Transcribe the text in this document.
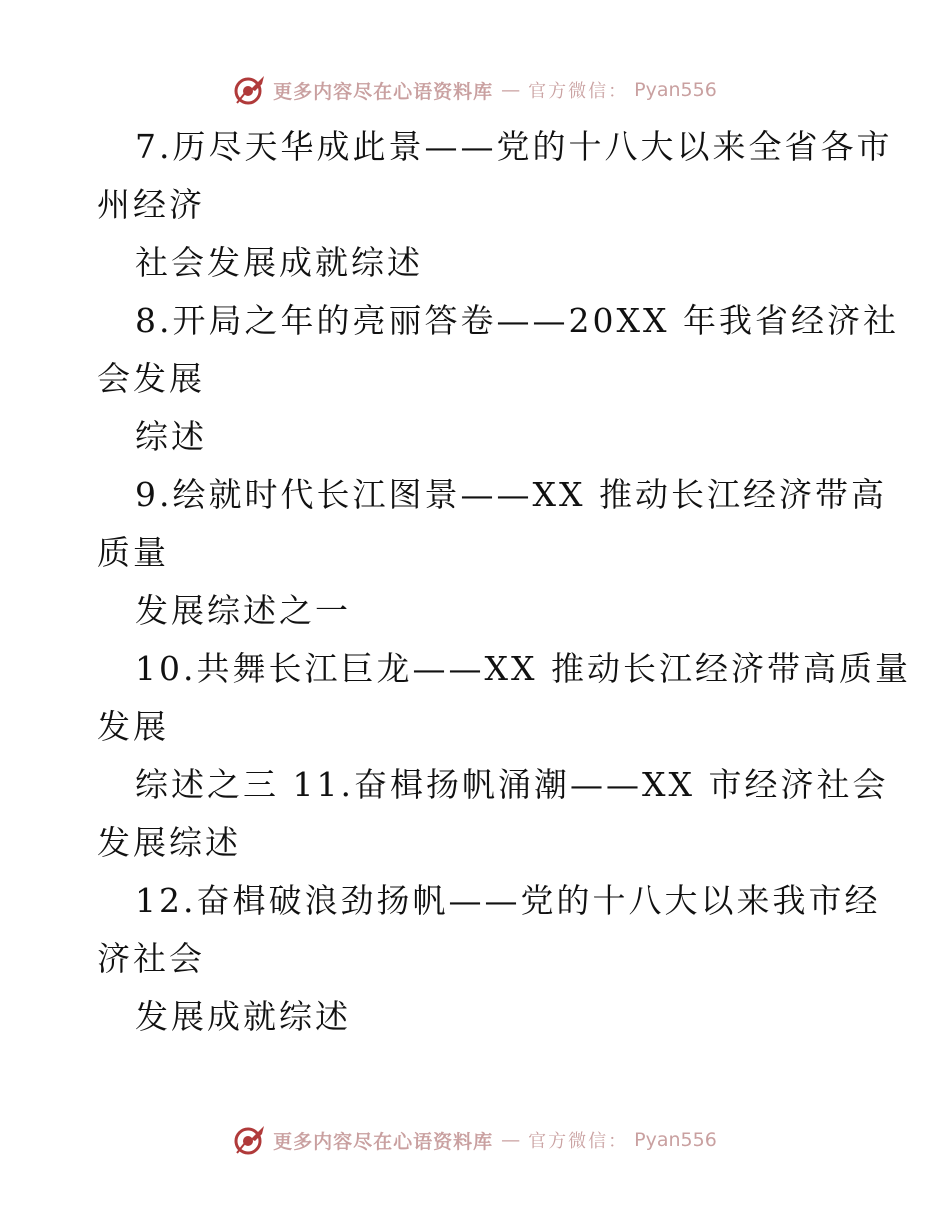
更多内容尽在心语资料库 — 官方微信： Pyan556
7.历尽天华成此景——党的十八大以来全省各市
州经济
社会发展成就综述
8.开局之年的亮丽答卷——20XX 年我省经济社
会发展
综述
9.绘就时代长江图景——XX 推动长江经济带高
质量
发展综述之一
10.共舞长江巨龙——XX 推动长江经济带高质量
发展
综述之三 11.奋楫扬帆涌潮——XX 市经济社会
发展综述
12.奋楫破浪劲扬帆——党的十八大以来我市经
济社会
发展成就综述
更多内容尽在心语资料库 — 官方微信： Pyan556
